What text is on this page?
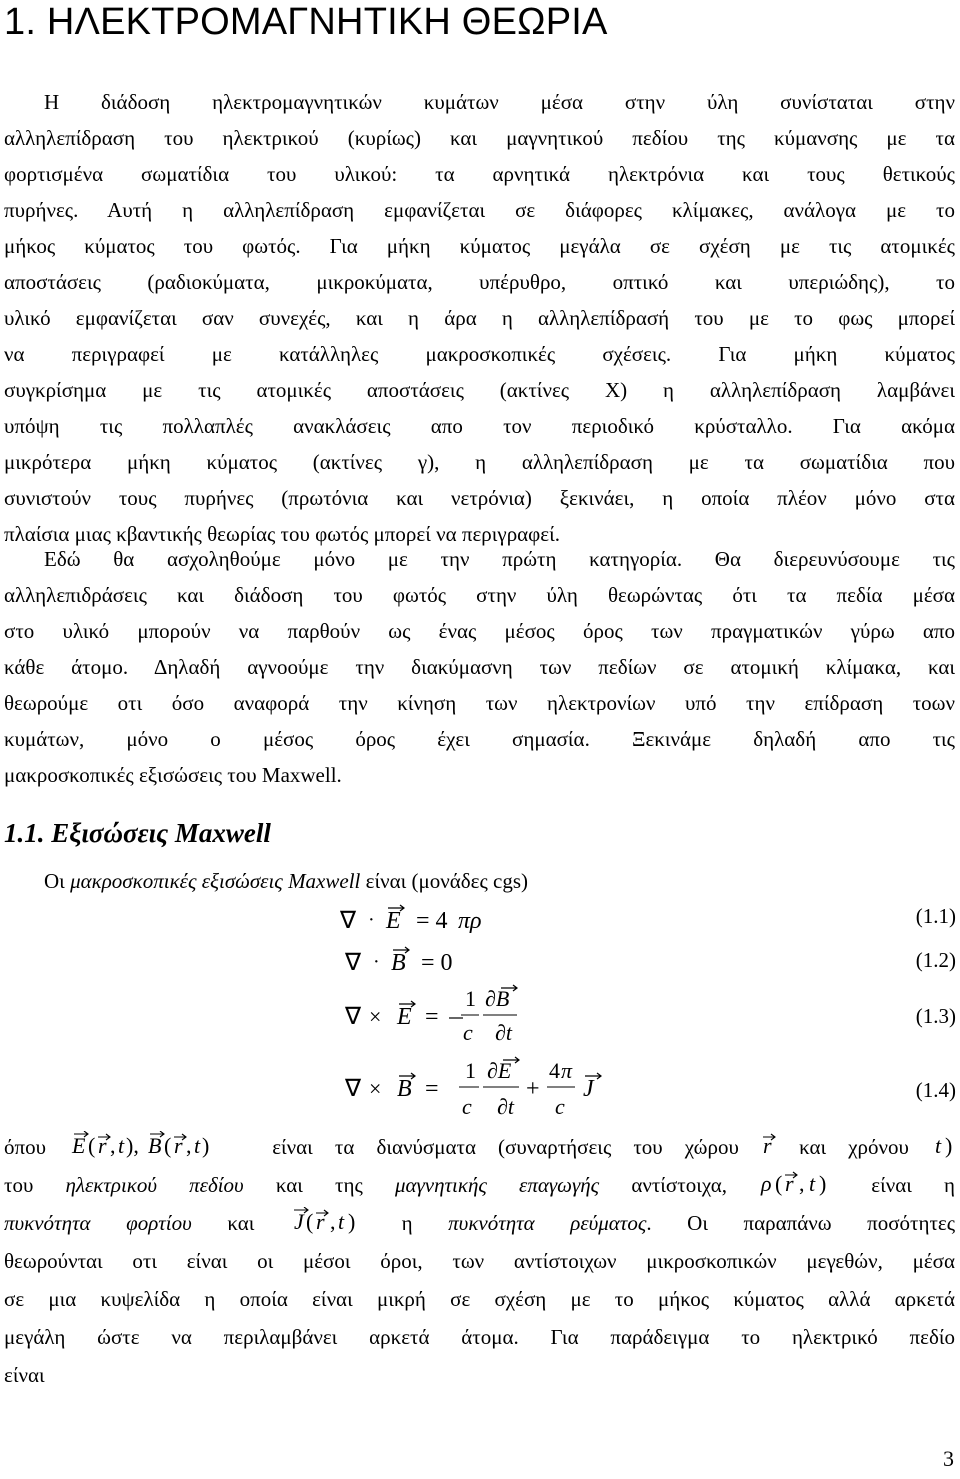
1. ΗΛΕΚΤΡΟΜΑΓΝΗΤΙΚΗ ΘΕΩΡΙΑ
Η διάδοση ηλεκτρομαγνητικών κυμάτων μέσα στην ύλη συνίσταται στην
αλληλεπίδραση του ηλεκτρικού (κυρίως) και μαγνητικού πεδίου της κύμανσης με τα
φορτισμένα σωματίδια του υλικού: τα αρνητικά ηλεκτρόνια και τους θετικούς
πυρήνες. Αυτή η αλληλεπίδραση εμφανίζεται σε διάφορες κλίμακες, ανάλογα με το
μήκος κύματος του φωτός. Για μήκη κύματος μεγάλα σε σχέση με τις ατομικές
αποστάσεις (ραδιοκύματα, μικροκύματα, υπέρυθρο, οπτικό και υπεριώδης), το
υλικό εμφανίζεται σαν συνεχές, και η άρα η αλληλεπίδρασή του με το φως μπορεί
να περιγραφεί με κατάλληλες μακροσκοπικές σχέσεις. Για μήκη κύματος
συγκρίσημα με τις ατομικές αποστάσεις (ακτίνες Χ) η αλληλεπίδραση λαμβάνει
υπόψη τις πολλαπλές ανακλάσεις απο τον περιοδικό κρύσταλλο. Για ακόμα
μικρότερα μήκη κύματος (ακτίνες γ), η αλληλεπίδραση με τα σωματίδια που
συνιστούν τους πυρήνες (πρωτόνια και νετρόνια) ξεκινάει, η οποία πλέον μόνο στα
πλαίσια μιας κβαντικής θεωρίας του φωτός μπορεί να περιγραφεί.
Εδώ θα ασχοληθούμε μόνο με την πρώτη κατηγορία. Θα διερευνύσουμε τις
αλληλεπιδράσεις και διάδοση του φωτός στην ύλη θεωρώντας ότι τα πεδία μέσα
στο υλικό μπορούν να παρθούν ως ένας μέσος όρος των πραγματικών γύρω απο
κάθε άτομο. Δηλαδή αγνοούμε την διακύμασνη των πεδίων σε ατομική κλίμακα, και
θεωρούμε οτι όσο αναφορά την κίνηση των ηλεκτρονίων υπό την επίδραση τοων
κυμάτων, μόνο ο μέσος όρος έχει σημασία. Ξεκινάμε δηλαδή απο τις
μακροσκοπικές εξισώσεις του Maxwell.
1.1. Εξισώσεις Maxwell
Οι μακροσκοπικές εξισώσεις Maxwell είναι (μονάδες cgs)
∇ · E = 4 πρ	(1.1)
∇ · B = 0	(1.2)
∇ × E =
1
c
∂B
∂t
(1.3)
∇ × B =
1
c
∂E
∂t
+
4 π
c
J	(1.4)
όπου E ( r , t ), B ( r , t )	είναι τα διανύσματα (συναρτήσεις του χώρου r και χρόνου t )
του ηλεκτρικού πεδίου και της μαγνητικής επαγωγής αντίστοιχα, ρ ( r , t ) είναι η
πυκνότητα φορτίου και J ( r , t ) η πυκνότητα ρεύματος. Οι παραπάνω ποσότητες
θεωρούνται οτι είναι οι μέσοι όροι, των αντίστοιχων μικροσκοπικών μεγεθών, μέσα
σε μια κυψελίδα η οποία είναι μικρή σε σχέση με το μήκος κύματος αλλά αρκετά
μεγάλη ώστε να περιλαμβάνει αρκετά άτομα. Για παράδειγμα το ηλεκτρικό πεδίο
είναι
3
